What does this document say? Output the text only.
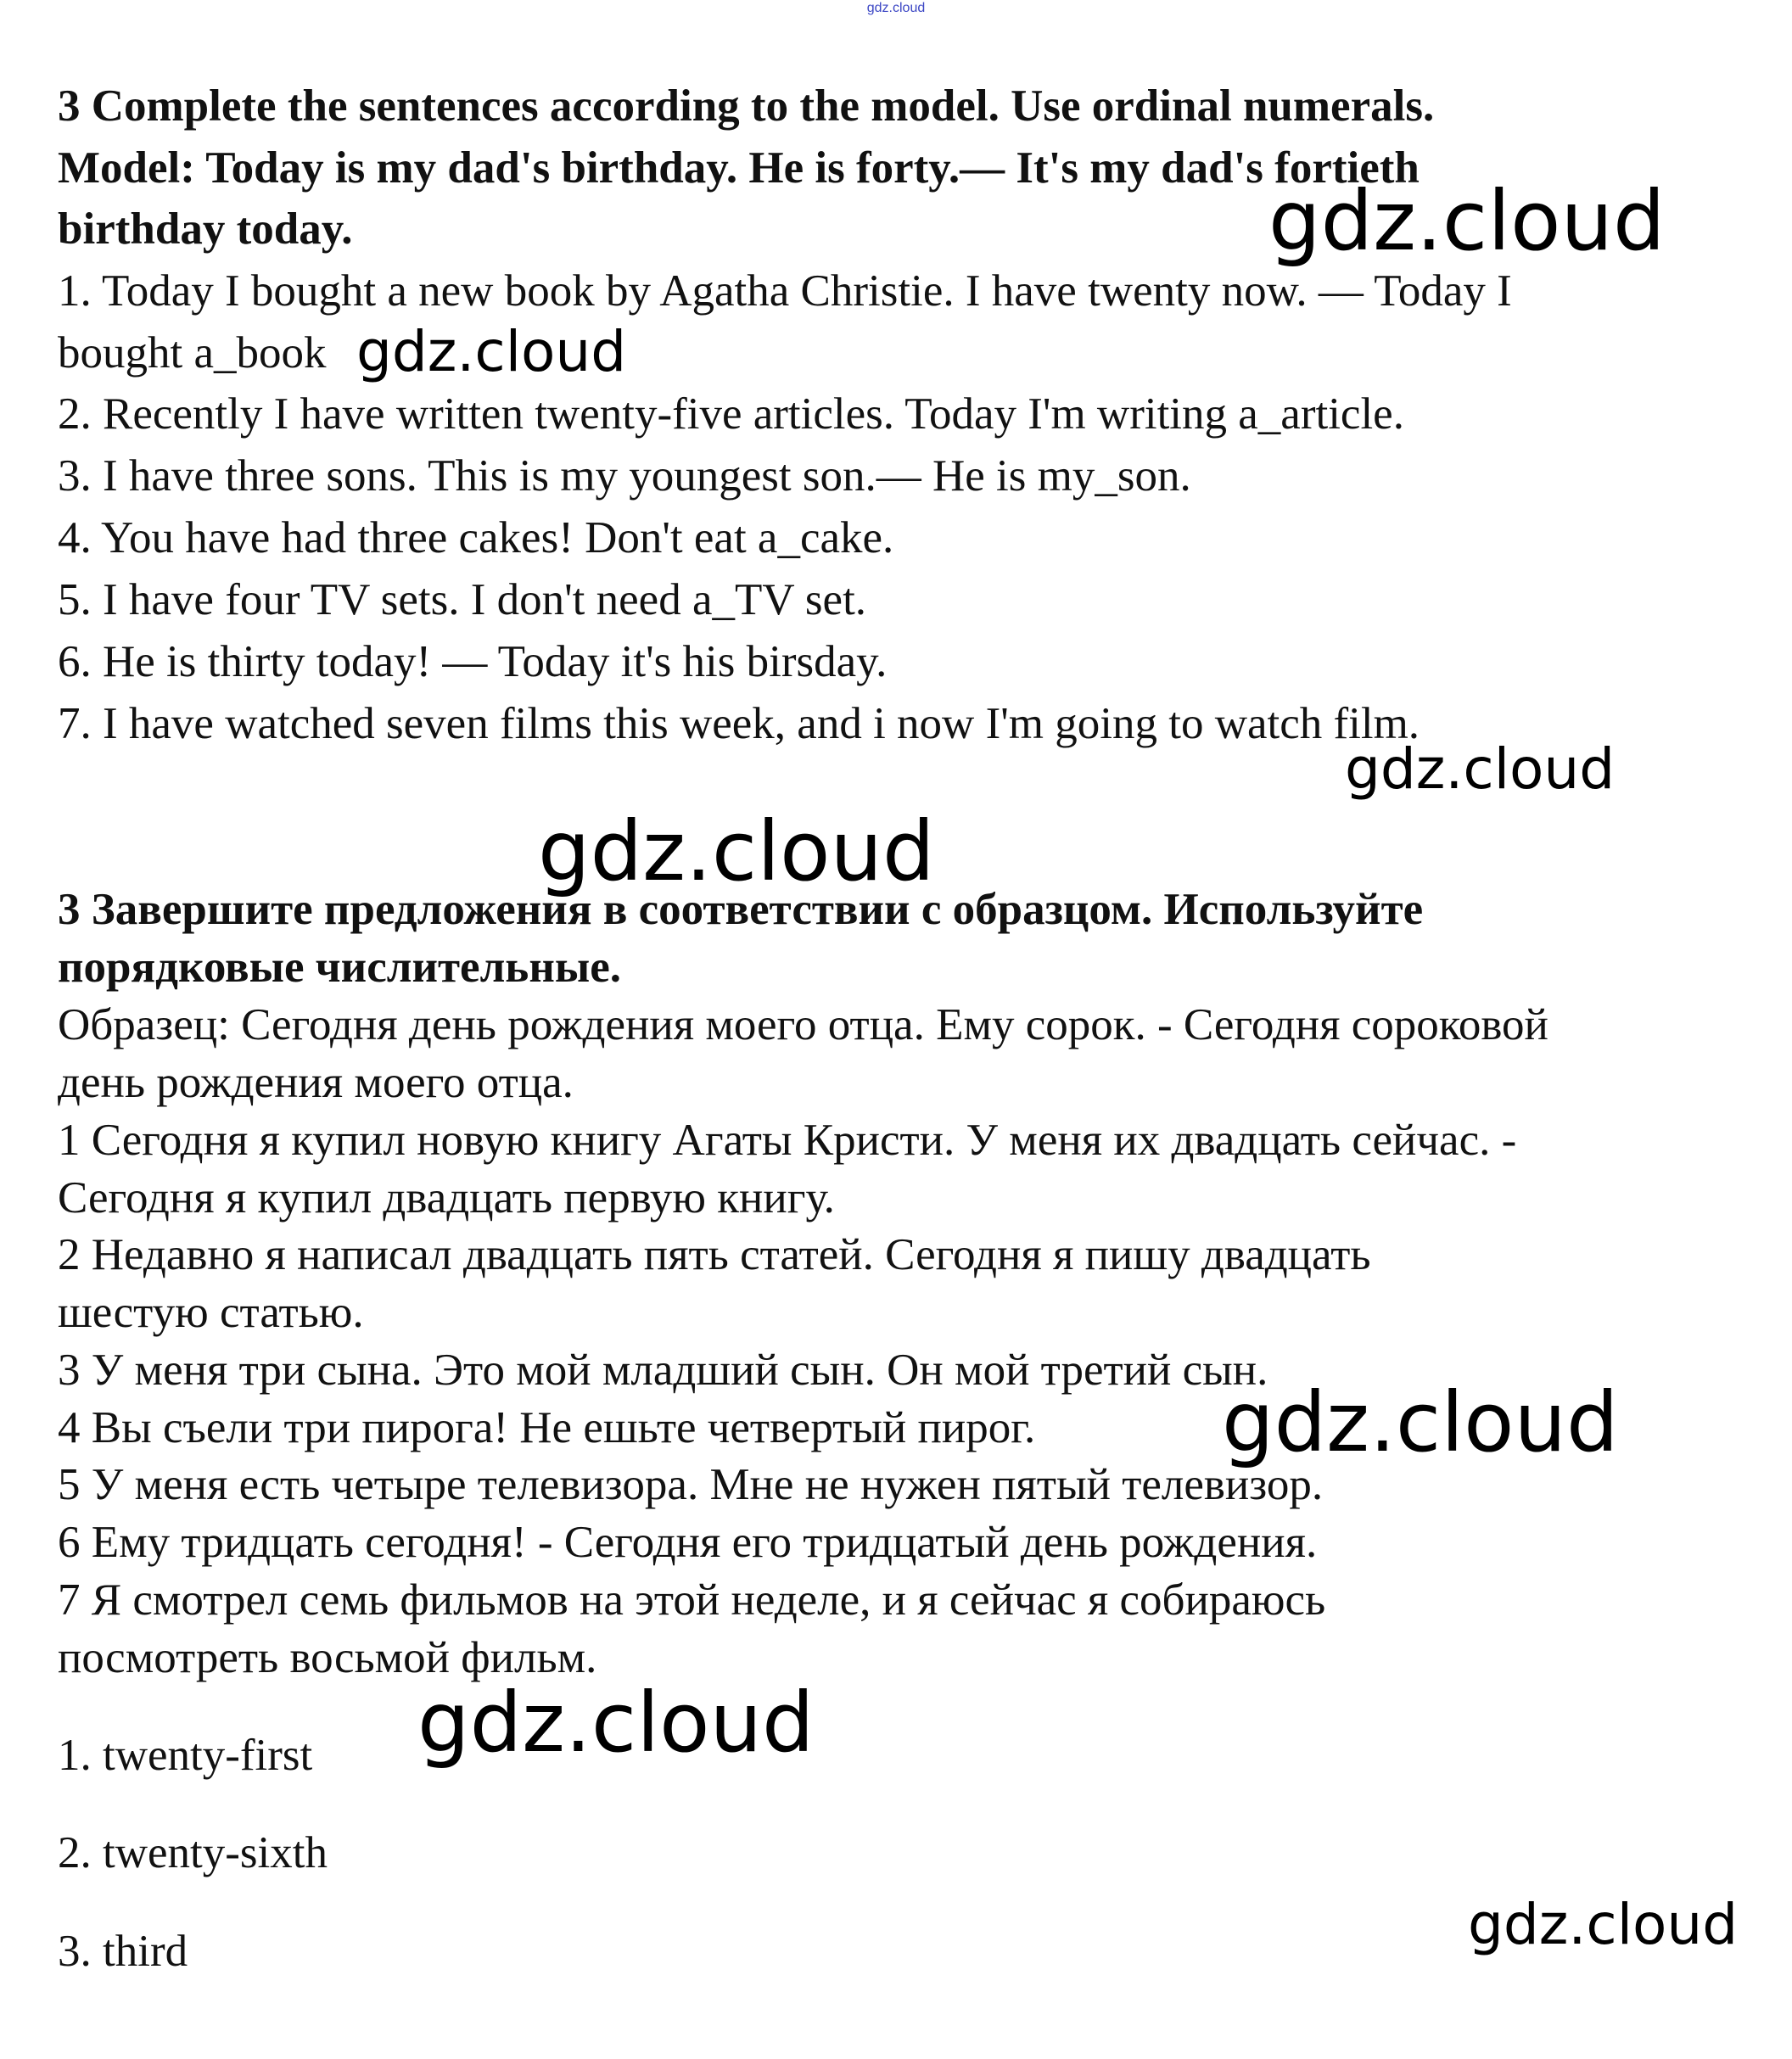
gdz.cloud
3 Complete the sentences according to the model. Use ordinal numerals.
Model: Today is my dad's birthday. He is forty.— It's my dad's fortieth
birthday today.
1. Today I bought a new book by Agatha Christie. I have twenty now. — Today I
bought a_book
2. Recently I have written twenty-five articles. Today I'm writing a_article.
3. I have three sons. This is my youngest son.— He is my_son.
4. You have had three cakes! Don't eat a_cake.
5. I have four TV sets. I don't need a_TV set.
6. He is thirty today! — Today it's his birsday.
7. I have watched seven films this week, and i now I'm going to watch film.
3 Завершите предложения в соответствии с образцом. Используйте
порядковые числительные.
Образец: Сегодня день рождения моего отца. Ему сорок. - Сегодня сороковой
день рождения моего отца.
1 Сегодня я купил новую книгу Агаты Кристи. У меня их двадцать сейчас. -
Сегодня я купил двадцать первую книгу.
2 Недавно я написал двадцать пять статей. Сегодня я пишу двадцать
шестую статью.
3 У меня три сына. Это мой младший сын. Он мой третий сын.
4 Вы съели три пирога! Не ешьте четвертый пирог.
5 У меня есть четыре телевизора. Мне не нужен пятый телевизор.
6 Ему тридцать сегодня! - Сегодня его тридцатый день рождения.
7 Я смотрел семь фильмов на этой неделе, и я сейчас я собираюсь
посмотреть восьмой фильм.
1. twenty-first
2. twenty-sixth
3. third
gdz.cloud
gdz.cloud
gdz.cloud
gdz.cloud
gdz.cloud
gdz.cloud
gdz.cloud
